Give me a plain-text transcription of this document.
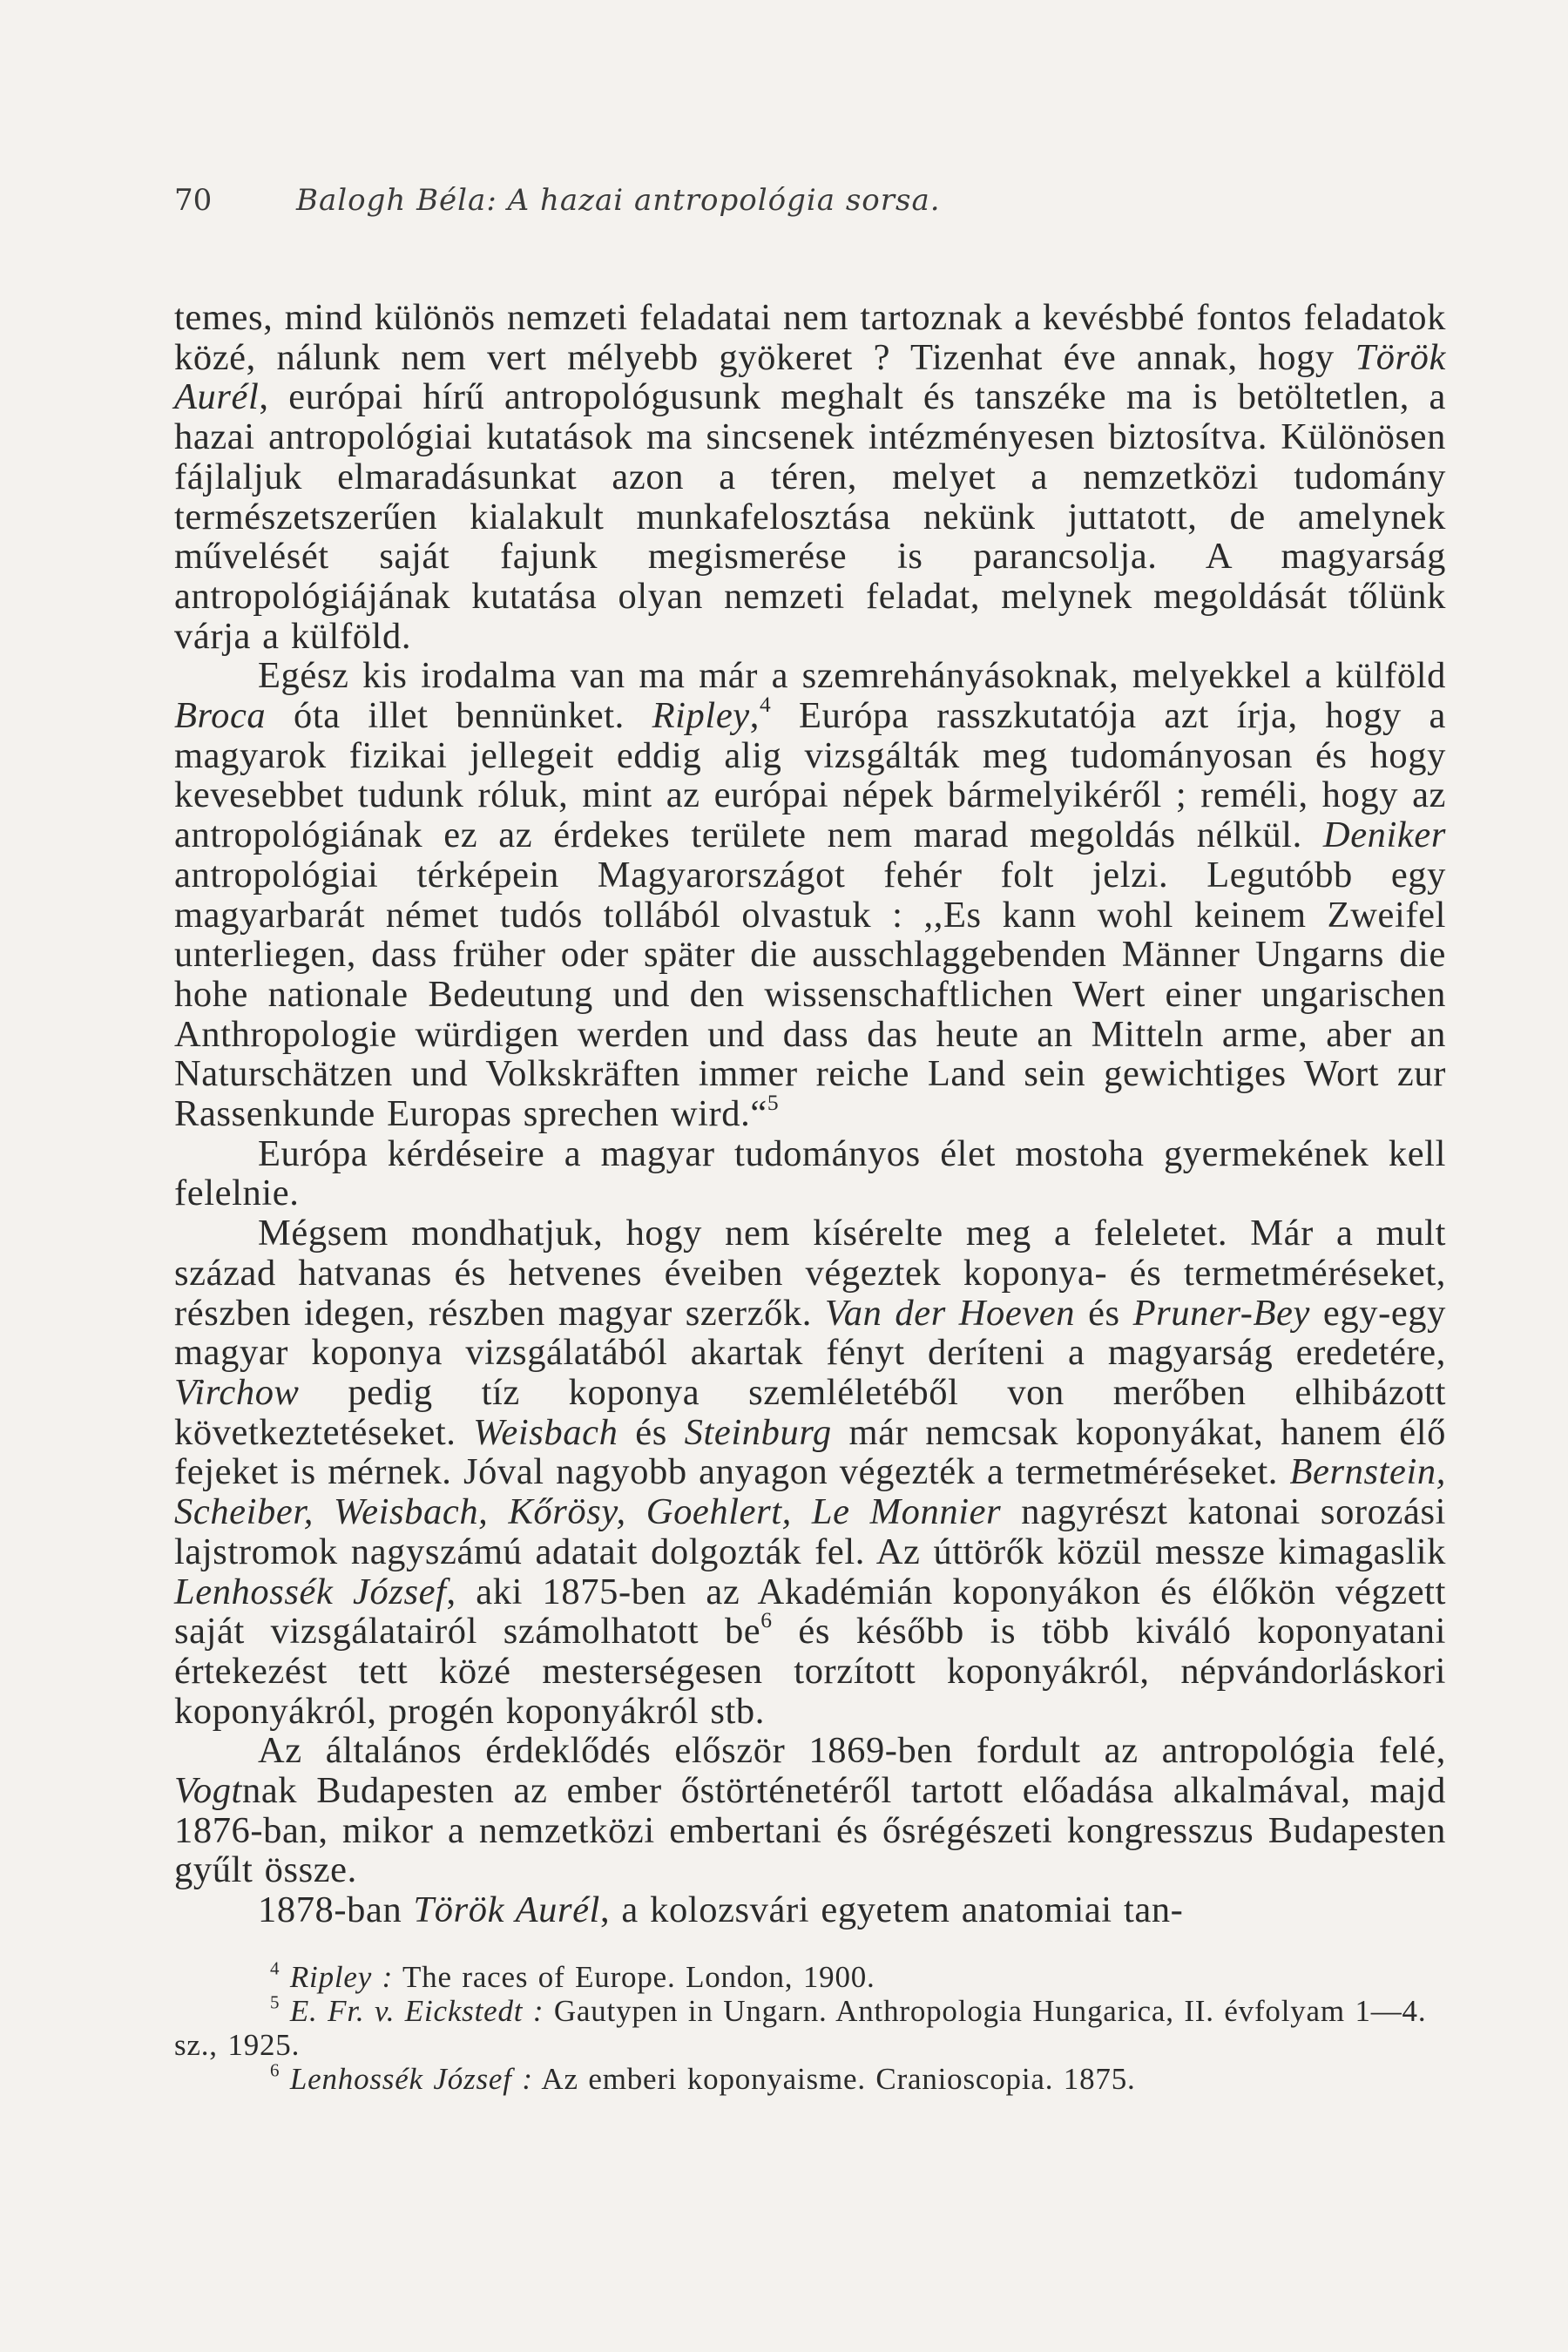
70	Balogh Béla: A hazai antropológia sorsa.

temes, mind különös nemzeti feladatai nem tartoznak a kevésbbé fontos feladatok közé, nálunk nem vert mélyebb gyökeret ? Tizenhat éve annak, hogy Török Aurél, európai hírű antropológusunk meghalt és tanszéke ma is betöltetlen, a hazai antropológiai kutatások ma sincsenek intézményesen biztosítva. Különösen fájlaljuk elmaradásunkat azon a téren, melyet a nemzetközi tudomány természetszerűen kialakult munkafelosztása nekünk juttatott, de amelynek művelését saját fajunk megismerése is parancsolja. A magyarság antropológiájának kutatása olyan nemzeti feladat, melynek megoldását tőlünk várja a külföld.

Egész kis irodalma van ma már a szemrehányásoknak, melyekkel a külföld Broca óta illet bennünket. Ripley,$^4$ Európa rasszkutatója azt írja, hogy a magyarok fizikai jellegeit eddig alig vizsgálták meg tudományosan és hogy kevesebbet tudunk róluk, mint az európai népek bármelyikéről ; reméli, hogy az antropológiának ez az érdekes területe nem marad megoldás nélkül. Deniker antropológiai térképein Magyarországot fehér folt jelzi. Legutóbb egy magyarbarát német tudós tollából olvastuk : ,,Es kann wohl keinem Zweifel unterliegen, dass früher oder später die ausschlaggebenden Männer Ungarns die hohe nationale Bedeutung und den wissenschaftlichen Wert einer ungarischen Anthropologie würdigen werden und dass das heute an Mitteln arme, aber an Naturschätzen und Volkskräften immer reiche Land sein gewichtiges Wort zur Rassenkunde Europas sprechen wird.“$^5$

Európa kérdéseire a magyar tudományos élet mostoha gyermekének kell felelnie.

Mégsem mondhatjuk, hogy nem kísérelte meg a feleletet. Már a mult század hatvanas és hetvenes éveiben végeztek koponya- és termetméréseket, részben idegen, részben magyar szerzők. Van der Hoeven és Pruner-Bey egy-egy magyar koponya vizsgálatából akartak fényt deríteni a magyarság eredetére, Virchow pedig tíz koponya szemléletéből von merőben elhibázott következtetéseket. Weisbach és Steinburg már nemcsak koponyákat, hanem élő fejeket is mérnek. Jóval nagyobb anyagon végezték a termetméréseket. Bernstein, Scheiber, Weisbach, Kőrösy, Goehlert, Le Monnier nagyrészt katonai sorozási lajstromok nagyszámú adatait dolgozták fel. Az úttörők közül messze kimagaslik Lenhossék József, aki 1875-ben az Akadémián koponyákon és élőkön végzett saját vizsgálatairól számolhatott $be^6$ és később is több kiváló koponyatani értekezést tett közé mesterségesen torzított koponyákról, népvándorláskori koponyákról, progén koponyákról stb.

Az általános érdeklődés először 1869-ben fordult az antropológia felé, Vogtnak Budapesten az ember őstörténetéről tartott előadása alkalmával, majd 1876-ban, mikor a nemzetközi embertani és ősrégészeti kongresszus Budapesten gyűlt össze.

1878-ban Török Aurél, a kolozsvári egyetem anatomiai tan-

$^4$ Ripley : The races of Europe. London, 1900.

$^5$ E. Fr. v. Eickstedt : Gautypen in Ungarn. Anthropologia Hungarica, II. évfolyam 1—4. sz., 1925.

$^6$ Lenhossék József : Az emberi koponyaisme. Cranioscopia. 1875.
